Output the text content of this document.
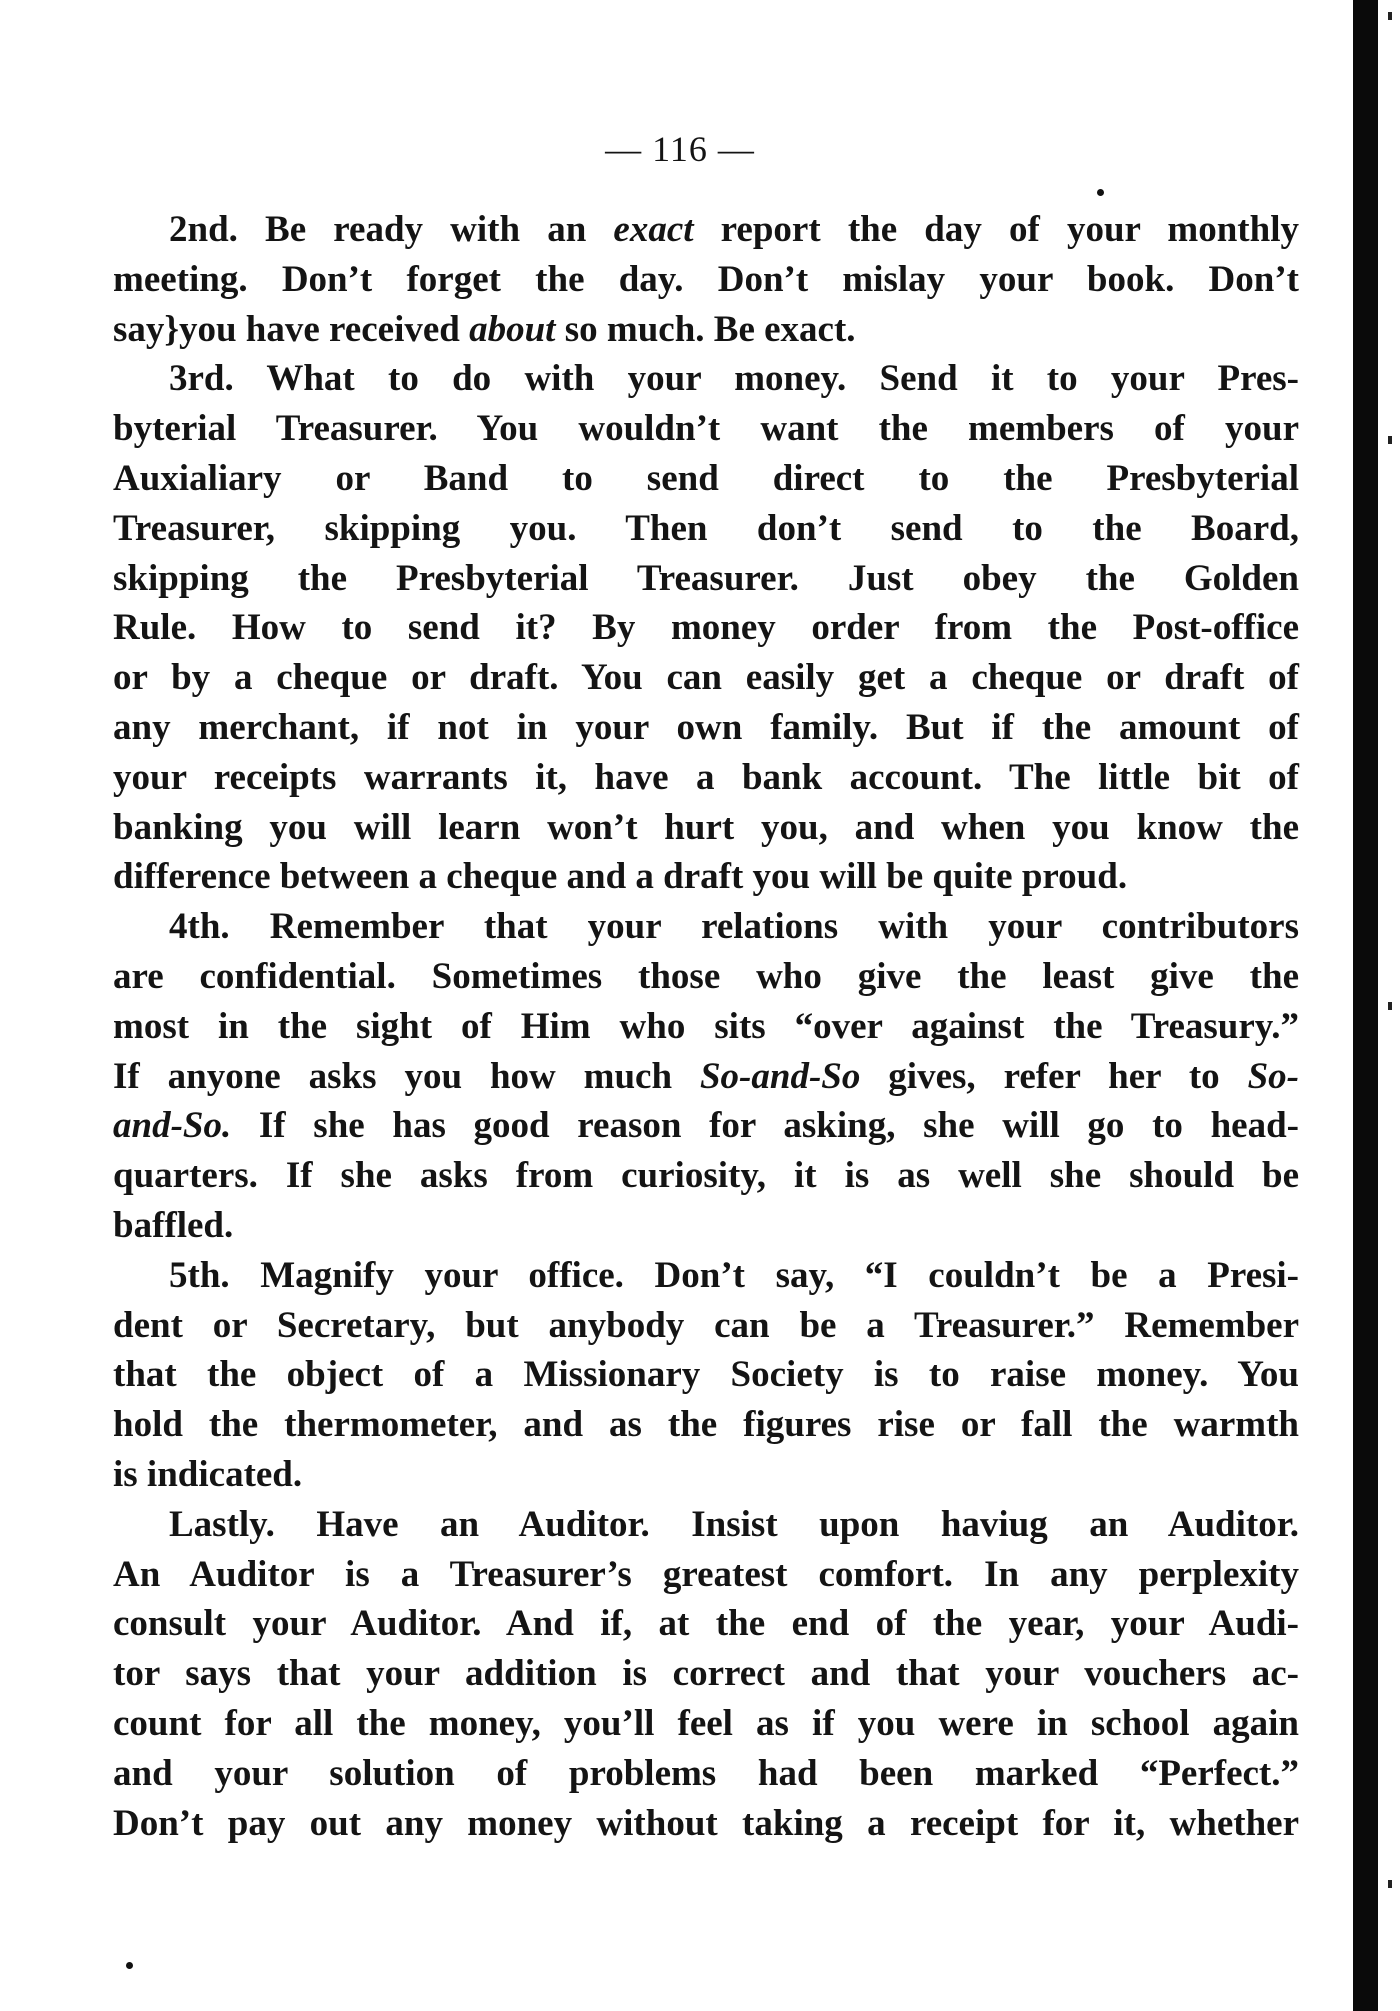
— 116 —
2nd. Be ready with an exact report the day of your monthly
meeting. Don’t forget the day. Don’t mislay your book. Don’t
say}you have received about so much. Be exact.
3rd. What to do with your money. Send it to your Pres-
byterial Treasurer. You wouldn’t want the members of your
Auxialiary or Band to send direct to the Presbyterial
Treasurer, skipping you. Then don’t send to the Board,
skipping the Presbyterial Treasurer. Just obey the Golden
Rule. How to send it? By money order from the Post-office
or by a cheque or draft. You can easily get a cheque or draft of
any merchant, if not in your own family. But if the amount of
your receipts warrants it, have a bank account. The little bit of
banking you will learn won’t hurt you, and when you know the
difference between a cheque and a draft you will be quite proud.
4th. Remember that your relations with your contributors
are confidential. Sometimes those who give the least give the
most in the sight of Him who sits “over against the Treasury.”
If anyone asks you how much So-and-So gives, refer her to So-
and-So. If she has good reason for asking, she will go to head-
quarters. If she asks from curiosity, it is as well she should be
baffled.
5th. Magnify your office. Don’t say, “I couldn’t be a Presi-
dent or Secretary, but anybody can be a Treasurer.” Remember
that the object of a Missionary Society is to raise money. You
hold the thermometer, and as the figures rise or fall the warmth
is indicated.
Lastly. Have an Auditor. Insist upon haviug an Auditor.
An Auditor is a Treasurer’s greatest comfort. In any perplexity
consult your Auditor. And if, at the end of the year, your Audi-
tor says that your addition is correct and that your vouchers ac-
count for all the money, you’ll feel as if you were in school again
and your solution of problems had been marked “Perfect.”
Don’t pay out any money without taking a receipt for it, whether
